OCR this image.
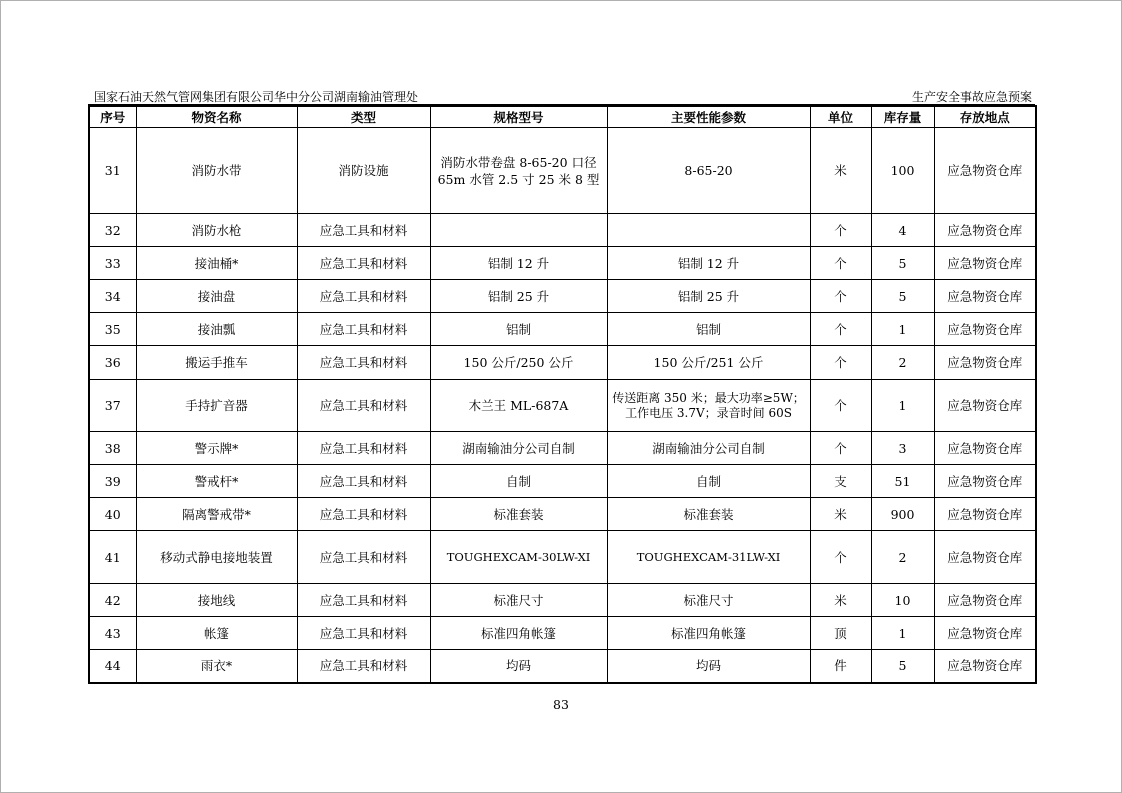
国家石油天然气管网集团有限公司华中分公司湖南输油管理处	生产安全事故应急预案
序号	物资名称	类型	规格型号	主要性能参数	单位	库存量	存放地点
31	消防水带	消防设施	消防水带卷盘 8-65-20 口径 65m 水管 2.5 寸 25 米 8 型	8-65-20	米	100	应急物资仓库
32	消防水枪	应急工具和材料			个	4	应急物资仓库
33	接油桶*	应急工具和材料	铝制 12 升	铝制 12 升	个	5	应急物资仓库
34	接油盘	应急工具和材料	铝制 25 升	铝制 25 升	个	5	应急物资仓库
35	接油瓢	应急工具和材料	铝制	铝制	个	1	应急物资仓库
36	搬运手推车	应急工具和材料	150 公斤/250 公斤	150 公斤/251 公斤	个	2	应急物资仓库
37	手持扩音器	应急工具和材料	木兰王 ML-687A	传送距离 350 米；最大功率≥5W；工作电压 3.7V；录音时间 60S	个	1	应急物资仓库
38	警示牌*	应急工具和材料	湖南输油分公司自制	湖南输油分公司自制	个	3	应急物资仓库
39	警戒杆*	应急工具和材料	自制	自制	支	51	应急物资仓库
40	隔离警戒带*	应急工具和材料	标准套装	标准套装	米	900	应急物资仓库
41	移动式静电接地装置	应急工具和材料	TOUGHEXCAM-30LW-XI	TOUGHEXCAM-31LW-XI	个	2	应急物资仓库
42	接地线	应急工具和材料	标准尺寸	标准尺寸	米	10	应急物资仓库
43	帐篷	应急工具和材料	标准四角帐篷	标准四角帐篷	顶	1	应急物资仓库
44	雨衣*	应急工具和材料	均码	均码	件	5	应急物资仓库
83
